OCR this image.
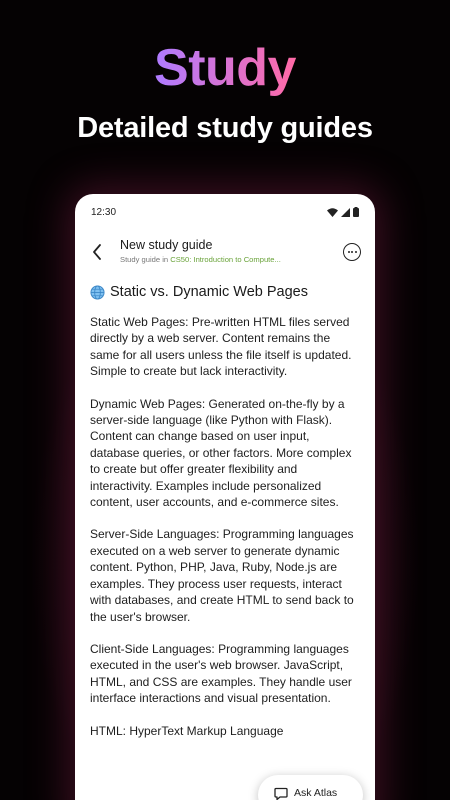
Study
Detailed study guides
12:30
New study guide
Study guide in CS50: Introduction to Compute...
Static vs. Dynamic Web Pages

Static Web Pages: Pre-written HTML files served directly by a web server. Content remains the same for all users unless the file itself is updated. Simple to create but lack interactivity.

Dynamic Web Pages: Generated on-the-fly by a server-side language (like Python with Flask). Content can change based on user input, database queries, or other factors. More complex to create but offer greater flexibility and interactivity. Examples include personalized content, user accounts, and e-commerce sites.

Server-Side Languages: Programming languages executed on a web server to generate dynamic content. Python, PHP, Java, Ruby, Node.js are examples. They process user requests, interact with databases, and create HTML to send back to the user's browser.

Client-Side Languages: Programming languages executed in the user's web browser. JavaScript, HTML, and CSS are examples. They handle user interface interactions and visual presentation.

HTML: HyperText Markup Language

Ask Atlas
